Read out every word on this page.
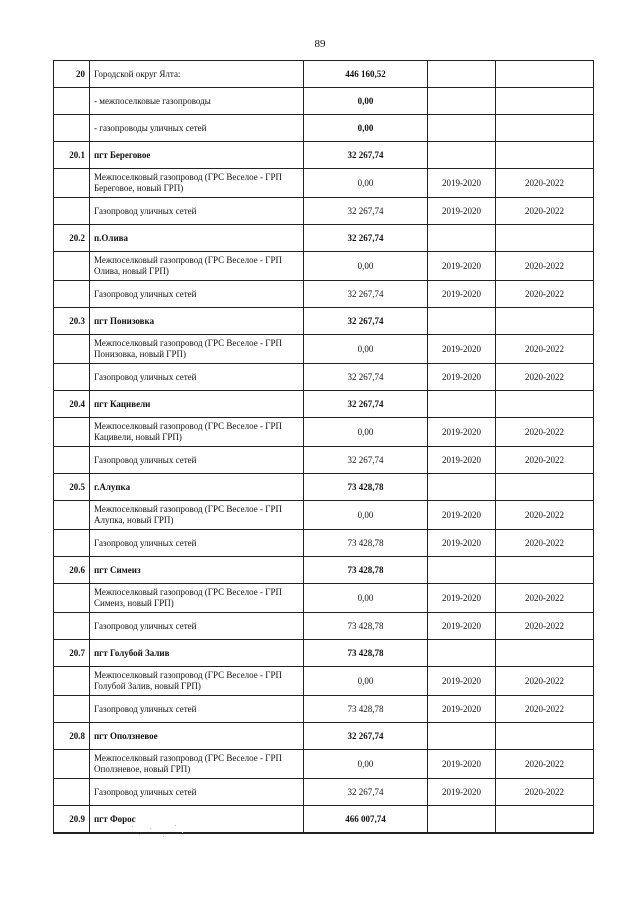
89
20	Городской округ Ялта:	446 160,52		
	- межпоселковые газопроводы	0,00		
	- газопроводы уличных сетей	0,00		
20.1	пгт Береговое	32 267,74		
	Межпоселковый газопровод (ГРС Веселое - ГРП Береговое, новый ГРП)	0,00	2019-2020	2020-2022
	Газопровод уличных сетей	32 267,74	2019-2020	2020-2022
20.2	п.Олива	32 267,74		
	Межпоселковый газопровод (ГРС Веселое - ГРП Олива, новый ГРП)	0,00	2019-2020	2020-2022
	Газопровод уличных сетей	32 267,74	2019-2020	2020-2022
20.3	пгт Понизовка	32 267,74		
	Межпоселковый газопровод (ГРС Веселое - ГРП Понизовка, новый ГРП)	0,00	2019-2020	2020-2022
	Газопровод уличных сетей	32 267,74	2019-2020	2020-2022
20.4	пгт Кацивели	32 267,74		
	Межпоселковый газопровод (ГРС Веселое - ГРП Кацивели, новый ГРП)	0,00	2019-2020	2020-2022
	Газопровод уличных сетей	32 267,74	2019-2020	2020-2022
20.5	г.Алупка	73 428,78		
	Межпоселковый газопровод (ГРС Веселое - ГРП Алупка, новый ГРП)	0,00	2019-2020	2020-2022
	Газопровод уличных сетей	73 428,78	2019-2020	2020-2022
20.6	пгт Симеиз	73 428,78		
	Межпоселковый газопровод (ГРС Веселое - ГРП Симеиз, новый ГРП)	0,00	2019-2020	2020-2022
	Газопровод уличных сетей	73 428,78	2019-2020	2020-2022
20.7	пгт Голубой Залив	73 428,78		
	Межпоселковый газопровод (ГРС Веселое - ГРП Голубой Залив, новый ГРП)	0,00	2019-2020	2020-2022
	Газопровод уличных сетей	73 428,78	2019-2020	2020-2022
20.8	пгт Оползневое	32 267,74		
	Межпоселковый газопровод (ГРС Веселое - ГРП Оползневое, новый ГРП)	0,00	2019-2020	2020-2022
	Газопровод уличных сетей	32 267,74	2019-2020	2020-2022
20.9	пгт Форос	466 007,74		
